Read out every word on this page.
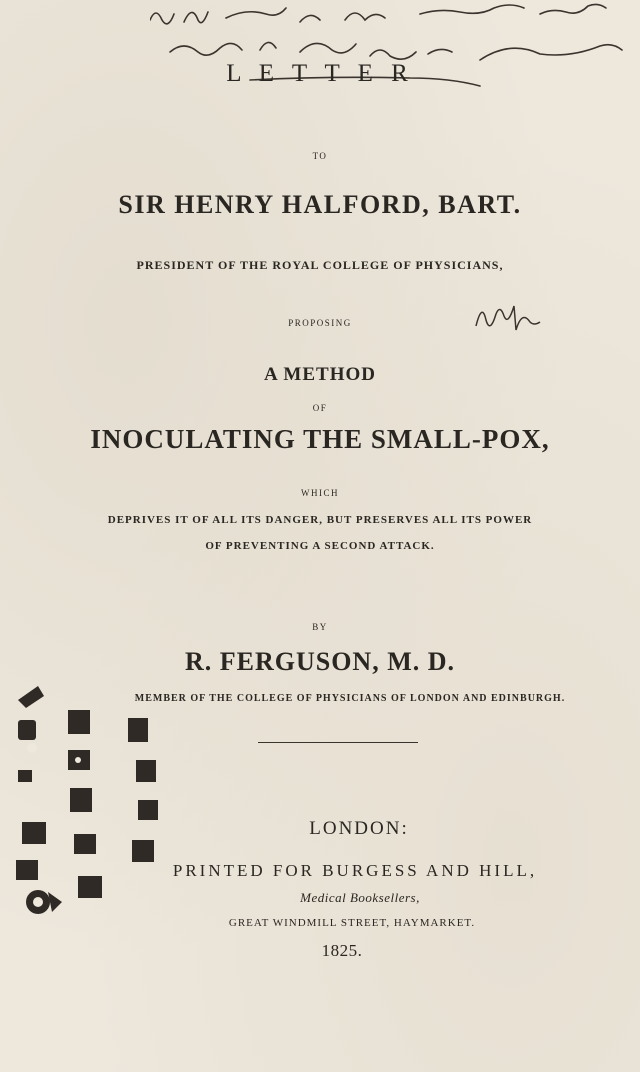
L E T T E R
TO
SIR HENRY HALFORD, BART.
PRESIDENT OF THE ROYAL COLLEGE OF PHYSICIANS,
PROPOSING
A METHOD
OF
INOCULATING THE SMALL-POX,
WHICH
DEPRIVES IT OF ALL ITS DANGER, BUT PRESERVES ALL ITS POWER
OF PREVENTING A SECOND ATTACK.
BY
R. FERGUSON, M. D.
MEMBER OF THE COLLEGE OF PHYSICIANS OF LONDON AND EDINBURGH.
LONDON:
PRINTED FOR BURGESS AND HILL,
Medical Booksellers,
GREAT WINDMILL STREET, HAYMARKET.
1825.
